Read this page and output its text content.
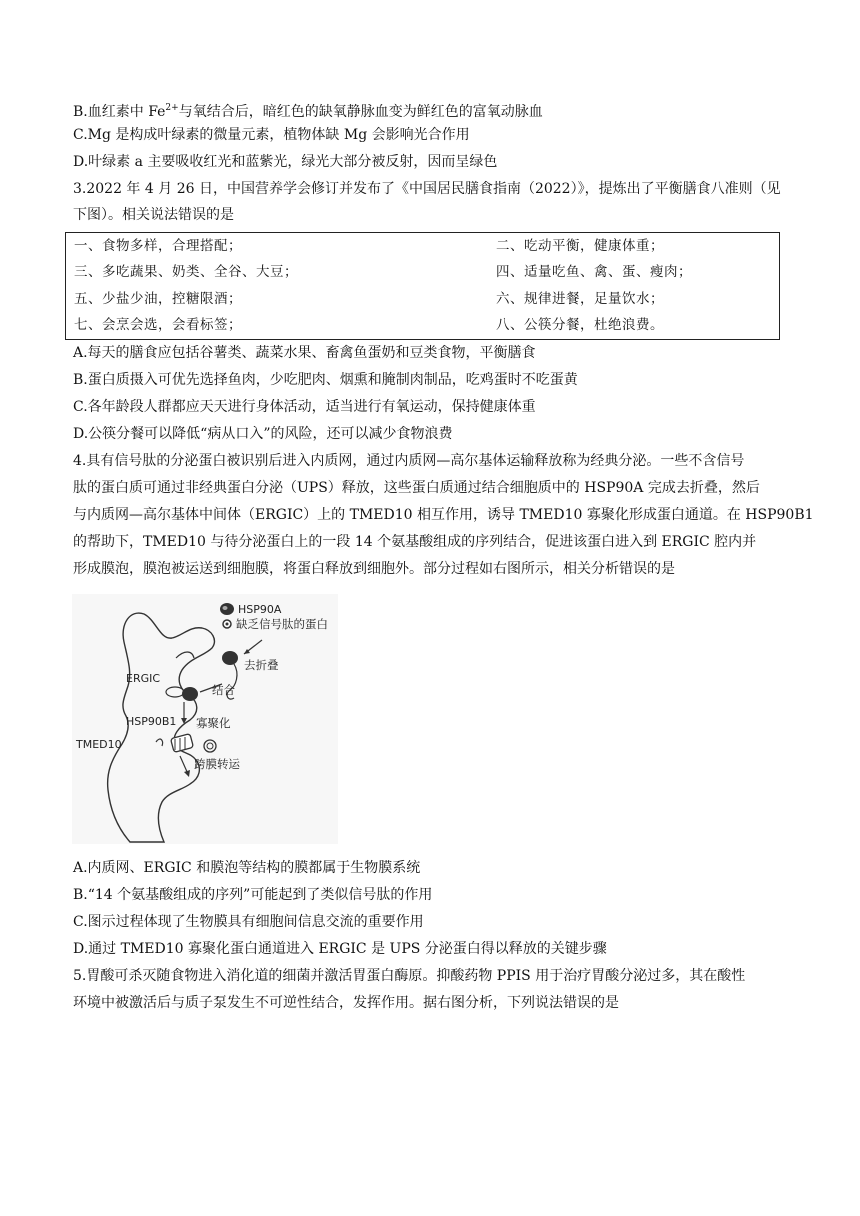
B.血红素中 $Fe^{2+}$与氧结合后，暗红色的缺氧静脉血变为鲜红色的富氧动脉血
C.Mg 是构成叶绿素的微量元素，植物体缺 Mg 会影响光合作用
D.叶绿素 a 主要吸收红光和蓝紫光，绿光大部分被反射，因而呈绿色
3.2022 年 4 月 26 日，中国营养学会修订并发布了《中国居民膳食指南（2022）》，提炼出了平衡膳食八准则（见
下图）。相关说法错误的是
一、食物多样，合理搭配；	二、吃动平衡，健康体重；
三、多吃蔬果、奶类、全谷、大豆；	四、适量吃鱼、禽、蛋、瘦肉；
五、少盐少油，控糖限酒；	六、规律进餐，足量饮水；
七、会烹会选，会看标签；	八、公筷分餐，杜绝浪费。
A.每天的膳食应包括谷薯类、蔬菜水果、畜禽鱼蛋奶和豆类食物，平衡膳食
B.蛋白质摄入可优先选择鱼肉，少吃肥肉、烟熏和腌制肉制品，吃鸡蛋时不吃蛋黄
C.各年龄段人群都应天天进行身体活动，适当进行有氧运动，保持健康体重
D.公筷分餐可以降低“病从口入”的风险，还可以减少食物浪费
4.具有信号肽的分泌蛋白被识别后进入内质网，通过内质网—高尔基体运输释放称为经典分泌。一些不含信号
肽的蛋白质可通过非经典蛋白分泌（UPS）释放，这些蛋白质通过结合细胞质中的 HSP90A 完成去折叠，然后
与内质网—高尔基体中间体（ERGIC）上的 TMED10 相互作用，诱导 TMED10 寡聚化形成蛋白通道。在 HSP90B1
的帮助下，TMED10 与待分泌蛋白上的一段 14 个氨基酸组成的序列结合，促进该蛋白进入到 ERGIC 腔内并
形成膜泡，膜泡被运送到细胞膜，将蛋白释放到细胞外。部分过程如右图所示，相关分析错误的是
HSP90A
缺乏信号肽的蛋白
去折叠
结合
ERGIC
寡聚化
HSP90B1
TMED10
跨膜转运
A.内质网、ERGIC 和膜泡等结构的膜都属于生物膜系统
B.“14 个氨基酸组成的序列”可能起到了类似信号肽的作用
C.图示过程体现了生物膜具有细胞间信息交流的重要作用
D.通过 TMED10 寡聚化蛋白通道进入 ERGIC 是 UPS 分泌蛋白得以释放的关键步骤
5.胃酸可杀灭随食物进入消化道的细菌并激活胃蛋白酶原。抑酸药物 PPIS 用于治疗胃酸分泌过多，其在酸性
环境中被激活后与质子泵发生不可逆性结合，发挥作用。据右图分析，下列说法错误的是
